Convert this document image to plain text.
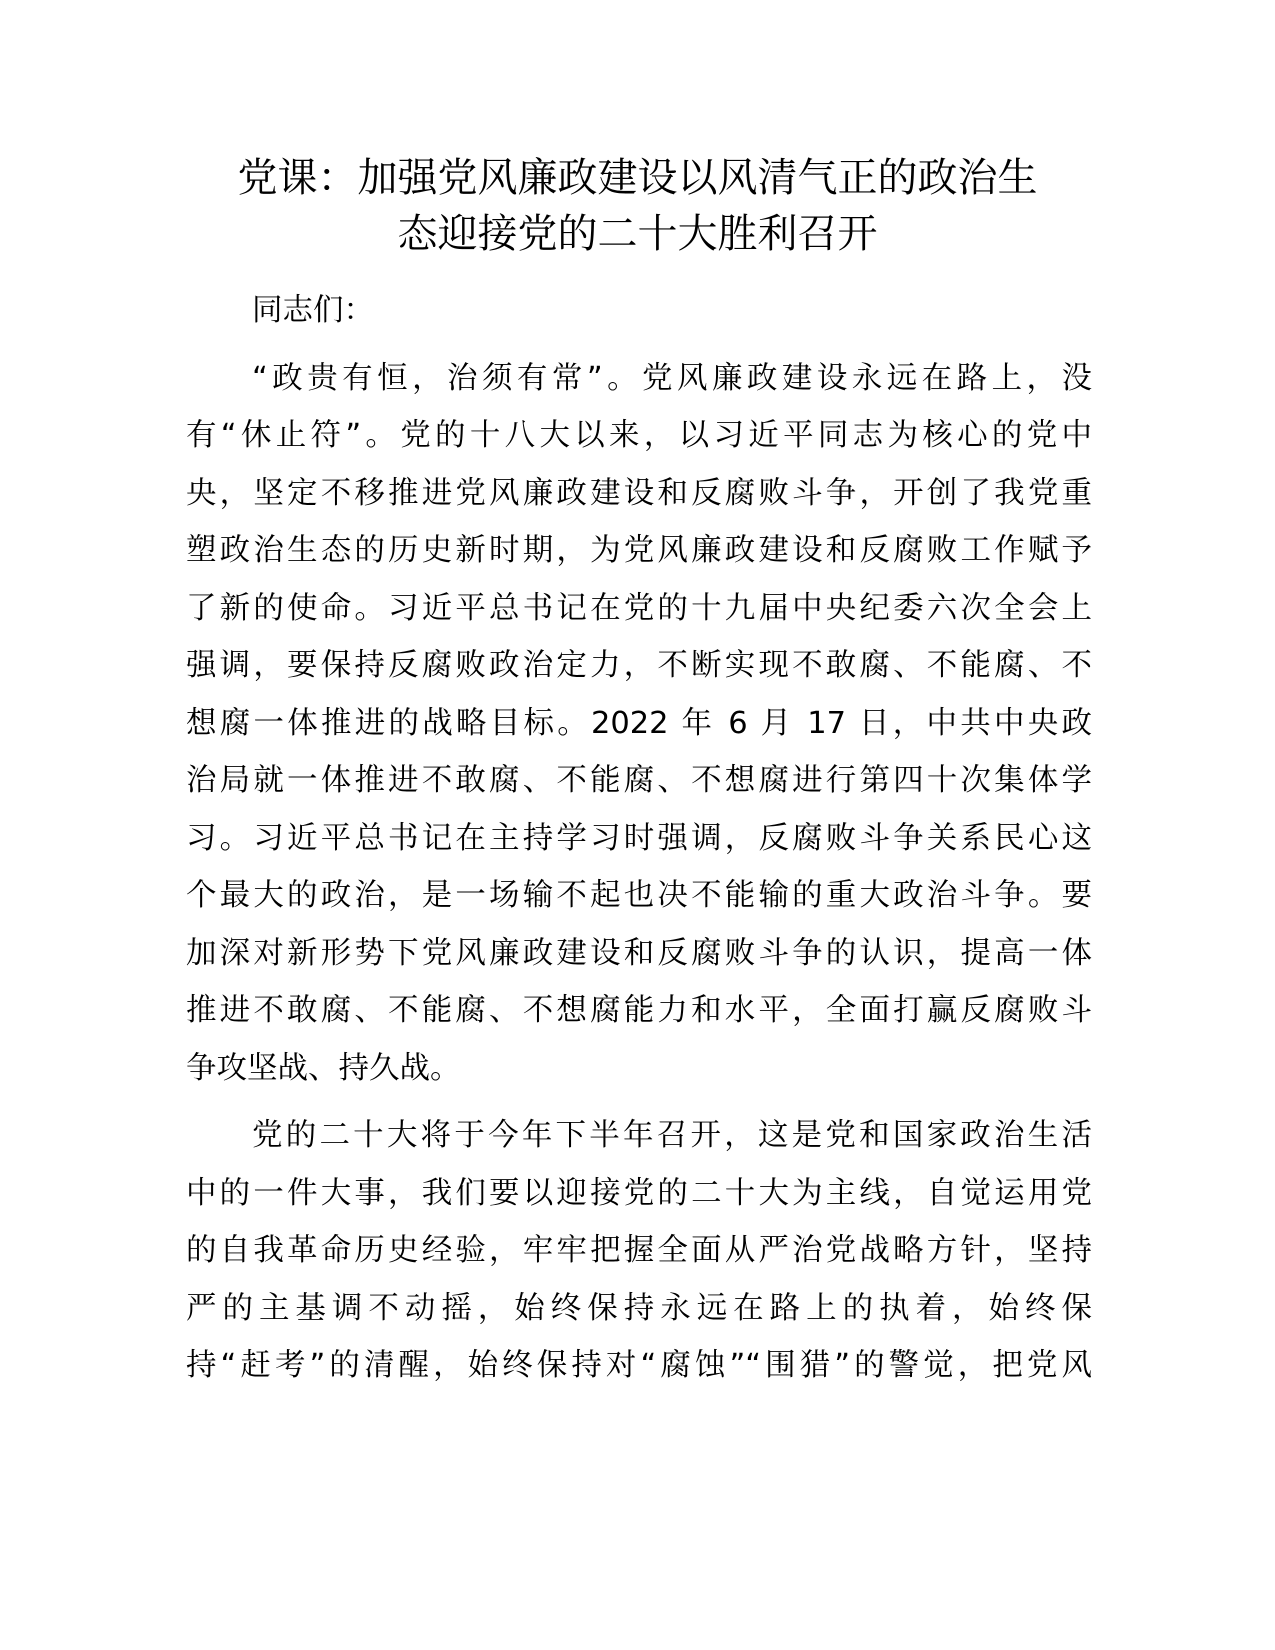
党课：加强党风廉政建设以风清气正的政治生
态迎接党的二十大胜利召开
同志们：
“政贵有恒，治须有常”。党风廉政建设永远在路上，没
有“休止符”。党的十八大以来，以习近平同志为核心的党中
央，坚定不移推进党风廉政建设和反腐败斗争，开创了我党重
塑政治生态的历史新时期，为党风廉政建设和反腐败工作赋予
了新的使命。习近平总书记在党的十九届中央纪委六次全会上
强调，要保持反腐败政治定力，不断实现不敢腐、不能腐、不
想腐一体推进的战略目标。2022 年 6 月 17 日，中共中央政
治局就一体推进不敢腐、不能腐、不想腐进行第四十次集体学
习。习近平总书记在主持学习时强调，反腐败斗争关系民心这
个最大的政治，是一场输不起也决不能输的重大政治斗争。要
加深对新形势下党风廉政建设和反腐败斗争的认识，提高一体
推进不敢腐、不能腐、不想腐能力和水平，全面打赢反腐败斗
争攻坚战、持久战。
党的二十大将于今年下半年召开，这是党和国家政治生活
中的一件大事，我们要以迎接党的二十大为主线，自觉运用党
的自我革命历史经验，牢牢把握全面从严治党战略方针，坚持
严的主基调不动摇，始终保持永远在路上的执着，始终保
持“赶考”的清醒，始终保持对“腐蚀”“围猎”的警觉，把党风
